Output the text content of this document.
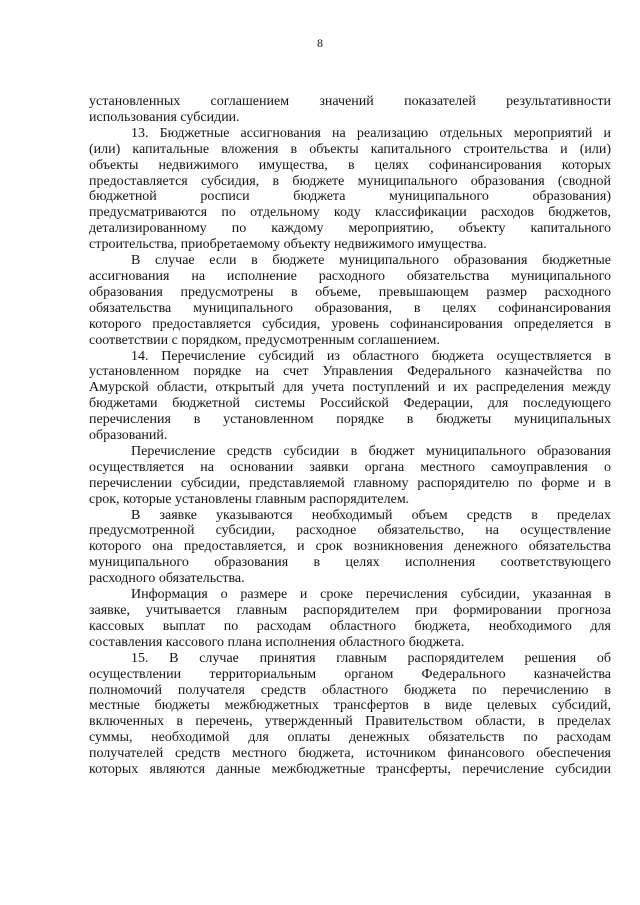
8
установленных соглашением значений показателей результативности
использования субсидии.
13. Бюджетные ассигнования на реализацию отдельных мероприятий и
(или) капитальные вложения в объекты капитального строительства и (или)
объекты недвижимого имущества, в целях софинансирования которых
предоставляется субсидия, в бюджете муниципального образования (сводной
бюджетной росписи бюджета муниципального образования)
предусматриваются по отдельному коду классификации расходов бюджетов,
детализированному по каждому мероприятию, объекту капитального
строительства, приобретаемому объекту недвижимого имущества.
В случае если в бюджете муниципального образования бюджетные
ассигнования на исполнение расходного обязательства муниципального
образования предусмотрены в объеме, превышающем размер расходного
обязательства муниципального образования, в целях софинансирования
которого предоставляется субсидия, уровень софинансирования определяется в
соответствии с порядком, предусмотренным соглашением.
14. Перечисление субсидий из областного бюджета осуществляется в
установленном порядке на счет Управления Федерального казначейства по
Амурской области, открытый для учета поступлений и их распределения между
бюджетами бюджетной системы Российской Федерации, для последующего
перечисления в установленном порядке в бюджеты муниципальных
образований.
Перечисление средств субсидии в бюджет муниципального образования
осуществляется на основании заявки органа местного самоуправления о
перечислении субсидии, представляемой главному распорядителю по форме и в
срок, которые установлены главным распорядителем.
В заявке указываются необходимый объем средств в пределах
предусмотренной субсидии, расходное обязательство, на осуществление
которого она предоставляется, и срок возникновения денежного обязательства
муниципального образования в целях исполнения соответствующего
расходного обязательства.
Информация о размере и сроке перечисления субсидии, указанная в
заявке, учитывается главным распорядителем при формировании прогноза
кассовых выплат по расходам областного бюджета, необходимого для
составления кассового плана исполнения областного бюджета.
15. В случае принятия главным распорядителем решения об
осуществлении территориальным органом Федерального казначейства
полномочий получателя средств областного бюджета по перечислению в
местные бюджеты межбюджетных трансфертов в виде целевых субсидий,
включенных в перечень, утвержденный Правительством области, в пределах
суммы, необходимой для оплаты денежных обязательств по расходам
получателей средств местного бюджета, источником финансового обеспечения
которых являются данные межбюджетные трансферты, перечисление субсидии
